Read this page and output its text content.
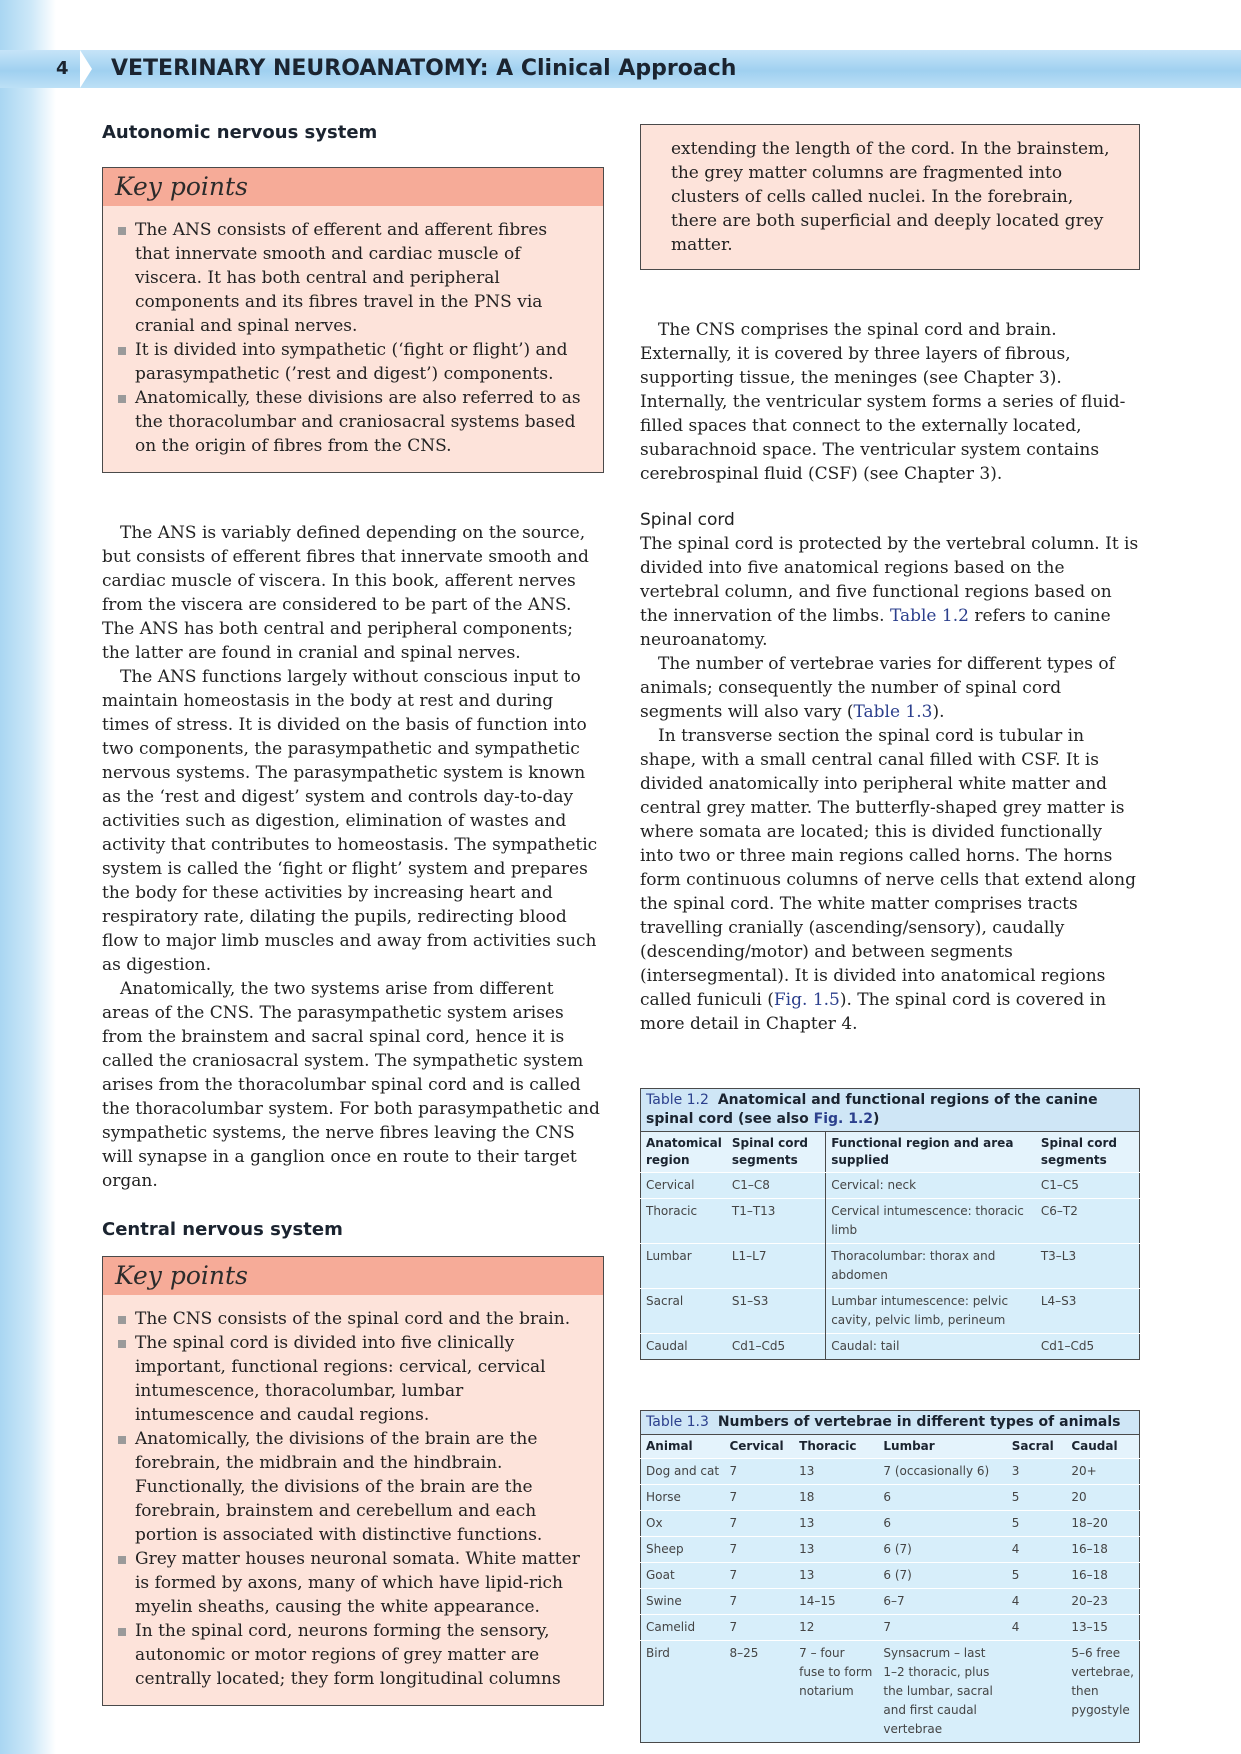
4 VETERINARY NEUROANATOMY: A Clinical Approach
Autonomic nervous system
Key points
The ANS consists of efferent and afferent fibres that innervate smooth and cardiac muscle of viscera. It has both central and peripheral components and its fibres travel in the PNS via cranial and spinal nerves.
It is divided into sympathetic (‘fight or flight’) and parasympathetic (’rest and digest’) components.
Anatomically, these divisions are also referred to as the thoracolumbar and craniosacral systems based on the origin of fibres from the CNS.

The ANS is variably defined depending on the source, but consists of efferent fibres that innervate smooth and cardiac muscle of viscera. In this book, afferent nerves from the viscera are considered to be part of the ANS. The ANS has both central and peripheral components; the latter are found in cranial and spinal nerves.

The ANS functions largely without conscious input to maintain homeostasis in the body at rest and during times of stress. It is divided on the basis of function into two components, the parasympathetic and sympathetic nervous systems. The parasympathetic system is known as the ‘rest and digest’ system and controls day-to-day activities such as digestion, elimination of wastes and activity that contributes to homeostasis. The sympathetic system is called the ‘fight or flight’ system and prepares the body for these activities by increasing heart and respiratory rate, dilating the pupils, redirecting blood flow to major limb muscles and away from activities such as digestion.

Anatomically, the two systems arise from different areas of the CNS. The parasympathetic system arises from the brainstem and sacral spinal cord, hence it is called the craniosacral system. The sympathetic system arises from the thoracolumbar spinal cord and is called the thoracolumbar system. For both parasympathetic and sympathetic systems, the nerve fibres leaving the CNS will synapse in a ganglion once en route to their target organ.

Central nervous system
Key points
The CNS consists of the spinal cord and the brain.
The spinal cord is divided into five clinically important, functional regions: cervical, cervical intumescence, thoracolumbar, lumbar intumescence and caudal regions.
Anatomically, the divisions of the brain are the forebrain, the midbrain and the hindbrain. Functionally, the divisions of the brain are the forebrain, brainstem and cerebellum and each portion is associated with distinctive functions.
Grey matter houses neuronal somata. White matter is formed by axons, many of which have lipid-rich myelin sheaths, causing the white appearance.
In the spinal cord, neurons forming the sensory, autonomic or motor regions of grey matter are centrally located; they form longitudinal columns
extending the length of the cord. In the brainstem, the grey matter columns are fragmented into clusters of cells called nuclei. In the forebrain, there are both superficial and deeply located grey matter.

The CNS comprises the spinal cord and brain. Externally, it is covered by three layers of fibrous, supporting tissue, the meninges (see Chapter 3). Internally, the ventricular system forms a series of fluid-filled spaces that connect to the externally located, subarachnoid space. The ventricular system contains cerebrospinal fluid (CSF) (see Chapter 3).

Spinal cord

The spinal cord is protected by the vertebral column. It is divided into five anatomical regions based on the vertebral column, and five functional regions based on the innervation of the limbs. Table 1.2 refers to canine neuroanatomy.

The number of vertebrae varies for different types of animals; consequently the number of spinal cord segments will also vary (Table 1.3).

In transverse section the spinal cord is tubular in shape, with a small central canal filled with CSF. It is divided anatomically into peripheral white matter and central grey matter. The butterfly-shaped grey matter is where somata are located; this is divided functionally into two or three main regions called horns. The horns form continuous columns of nerve cells that extend along the spinal cord. The white matter comprises tracts travelling cranially (ascending/sensory), caudally (descending/motor) and between segments (intersegmental). It is divided into anatomical regions called funiculi (Fig. 1.5). The spinal cord is covered in more detail in Chapter 4.

Table 1.2 Anatomical and functional regions of the canine spinal cord (see also Fig. 1.2)
Anatomical region	Spinal cord segments	Functional region and area supplied	Spinal cord segments
Cervical	C1–C8	Cervical: neck	C1–C5
Thoracic	T1–T13	Cervical intumescence: thoracic limb	C6–T2
Lumbar	L1–L7	Thoracolumbar: thorax and abdomen	T3–L3
Sacral	S1–S3	Lumbar intumescence: pelvic cavity, pelvic limb, perineum	L4–S3
Caudal	Cd1–Cd5	Caudal: tail	Cd1–Cd5
Table 1.3 Numbers of vertebrae in different types of animals
Animal	Cervical	Thoracic	Lumbar	Sacral	Caudal
Dog and cat	7	13	7 (occasionally 6)	3	20+
Horse	7	18	6	5	20
Ox	7	13	6	5	18–20
Sheep	7	13	6 (7)	4	16–18
Goat	7	13	6 (7)	5	16–18
Swine	7	14–15	6–7	4	20–23
Camelid	7	12	7	4	13–15
Bird	8–25	7 – four fuse to form notarium	Synsacrum – last 1–2 thoracic, plus the lumbar, sacral and first caudal vertebrae		5–6 free vertebrae, then pygostyle
